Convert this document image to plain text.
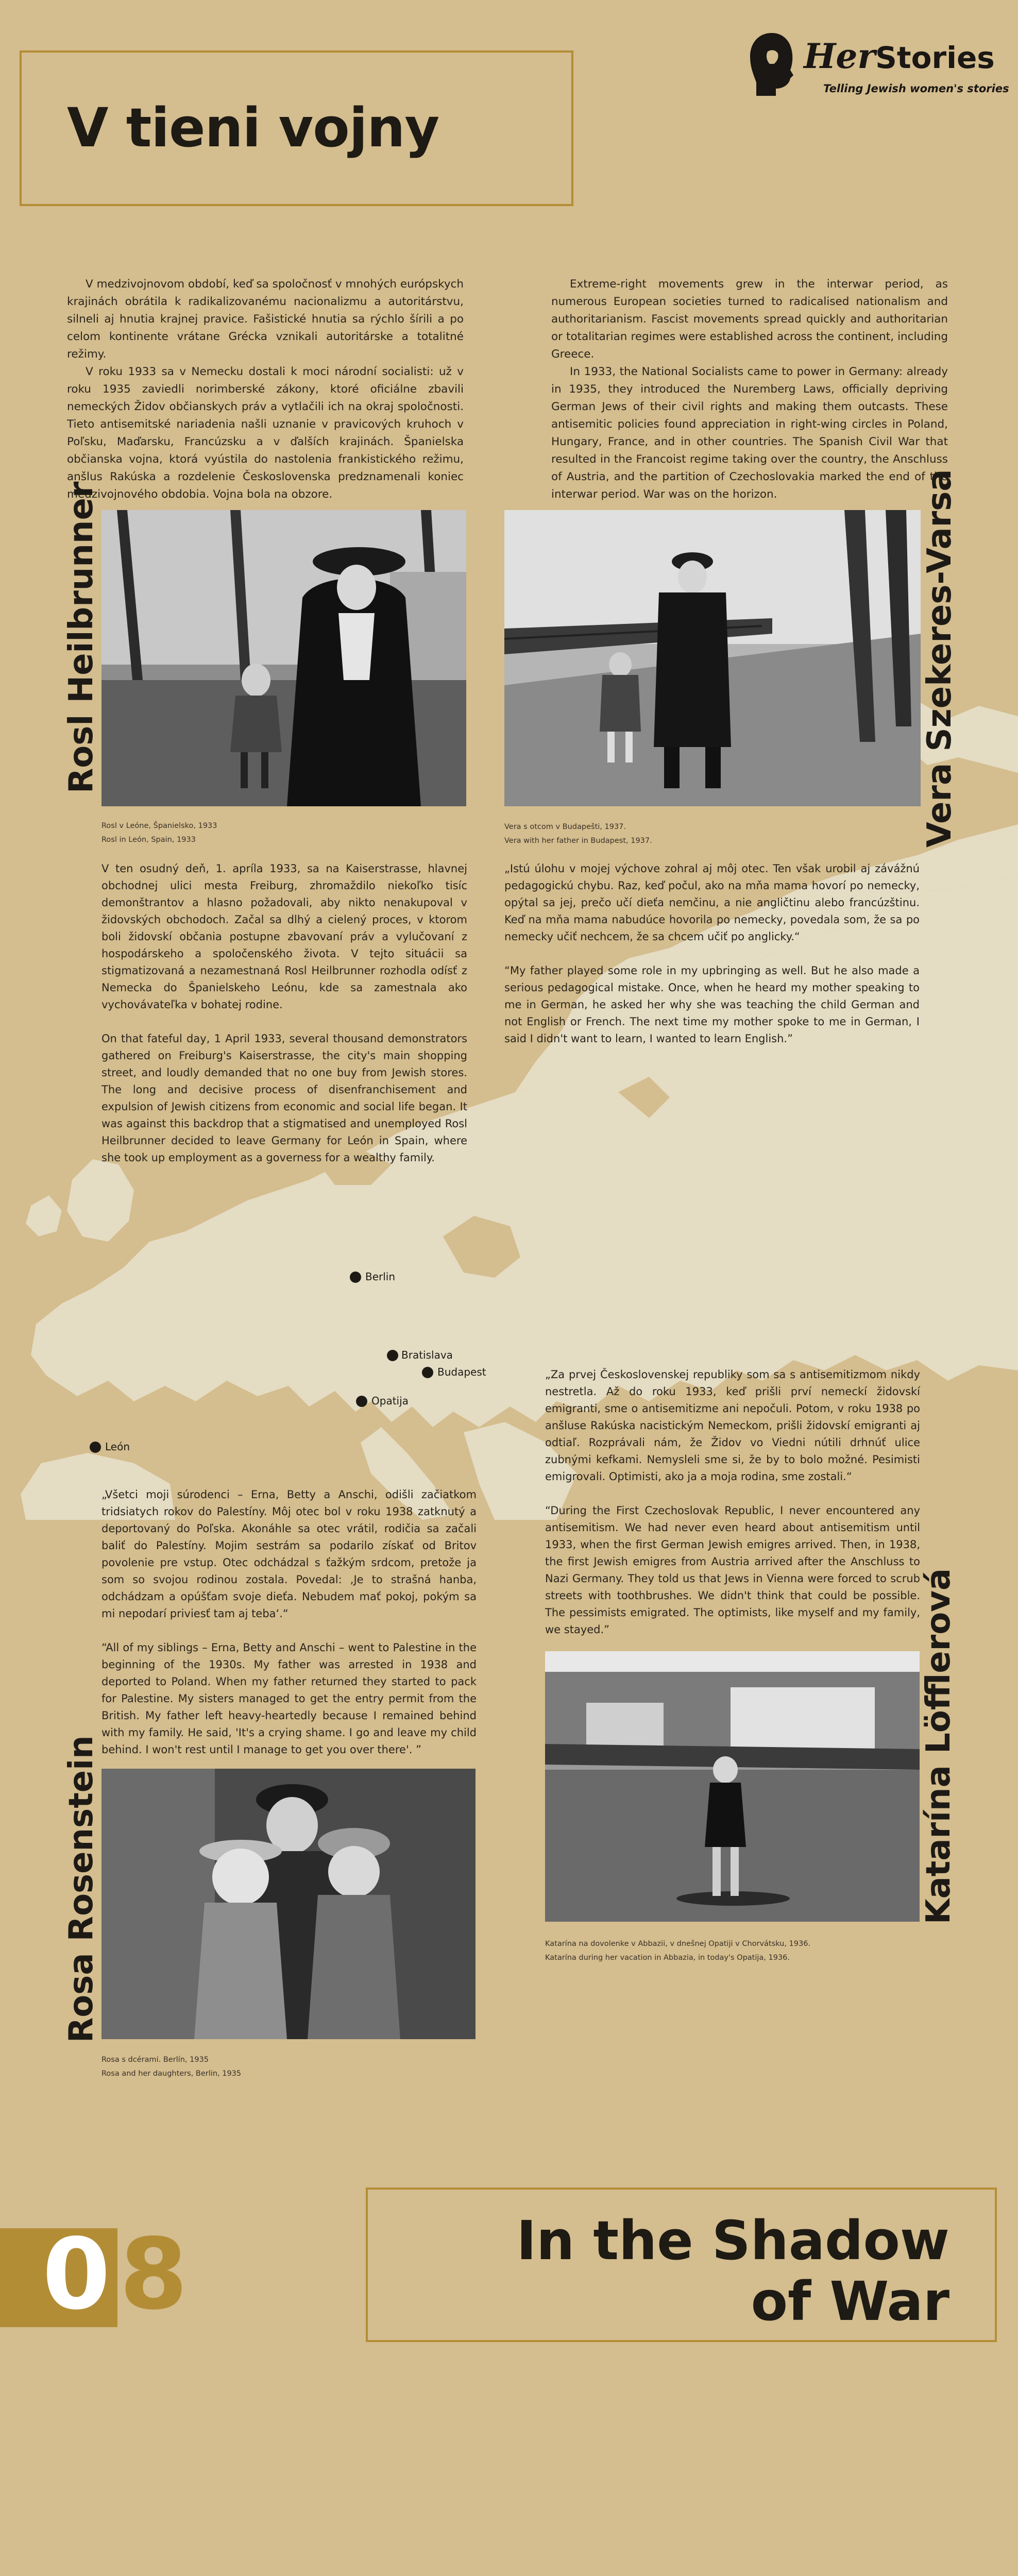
Berlin
Bratislava
Budapest
Opatija
León
V tieni vojny
HerStories
Telling Jewish women's stories

V medzivojnovom období, keď sa spoločnosť v mnohých európskych krajinách obrátila k radikalizovanému nacionalizmu a autoritárstvu, silneli aj hnutia krajnej pravice. Fašistické hnutia sa rýchlo šírili a po celom kontinente vrátane Grécka vznikali autoritárske a totalitné režimy.

V roku 1933 sa v Nemecku dostali k moci národní socialisti: už v roku 1935 zaviedli norimberské zákony, ktoré oficiálne zbavili nemeckých Židov občianskych práv a vytlačili ich na okraj spoločnosti. Tieto antisemitské nariadenia našli uznanie v pravicových kruhoch v Poľsku, Maďarsku, Francúzsku a v ďalších krajinách. Španielska občianska vojna, ktorá vyústila do nastolenia frankistického režimu, anšlus Rakúska a rozdelenie Československa predznamenali koniec medzivojnového obdobia. Vojna bola na obzore.

Extreme-right movements grew in the interwar period, as numerous European societies turned to radicalised nationalism and authoritarianism. Fascist movements spread quickly and authoritarian or totalitarian regimes were established across the continent, including Greece.

In 1933, the National Socialists came to power in Germany: already in 1935, they introduced the Nuremberg Laws, officially depriving German Jews of their civil rights and making them outcasts. These antisemitic policies found appreciation in right-wing circles in Poland, Hungary, France, and in other countries. The Spanish Civil War that resulted in the Francoist regime taking over the country, the Anschluss of Austria, and the partition of Czechoslovakia marked the end of the interwar period. War was on the horizon.

Rosl Heilbrunner
Rosl v Leóne, Španielsko, 1933
Rosl in León, Spain, 1933

V ten osudný deň, 1. apríla 1933, sa na Kaiserstrasse, hlavnej obchodnej ulici mesta Freiburg, zhromaždilo niekoľko tisíc demonštrantov a hlasno požadovali, aby nikto nenakupoval v židovských obchodoch. Začal sa dlhý a cielený proces, v ktorom boli židovskí občania postupne zbavovaní práv a vylučovaní z hospodárskeho a spoločenského života. V tejto situácii sa stigmatizovaná a nezamestnaná Rosl Heilbrunner rozhodla odísť z Nemecka do Španielskeho Leónu, kde sa zamestnala ako vychovávateľka v bohatej rodine.

On that fateful day, 1 April 1933, several thousand demonstrators gathered on Freiburg's Kaiserstrasse, the city's main shopping street, and loudly demanded that no one buy from Jewish stores. The long and decisive process of disenfranchisement and expulsion of Jewish citizens from economic and social life began. It was against this backdrop that a stigmatised and unemployed Rosl Heilbrunner decided to leave Germany for León in Spain, where she took up employment as a governess for a wealthy family.

Vera Szekeres-Varsa
Vera s otcom v Budapešti, 1937.
Vera with her father in Budapest, 1937.

„Istú úlohu v mojej výchove zohral aj môj otec. Ten však urobil aj závážnú pedagogickú chybu. Raz, keď počul, ako na mňa mama hovorí po nemecky, opýtal sa jej, prečo učí dieťa nemčinu, a nie angličtinu alebo francúzštinu. Keď na mňa mama nabudúce hovorila po nemecky, povedala som, že sa po nemecky učiť nechcem, že sa chcem učiť po anglicky.“

“My father played some role in my upbringing as well. But he also made a serious pedagogical mistake. Once, when he heard my mother speaking to me in German, he asked her why she was teaching the child German and not English or French. The next time my mother spoke to me in German, I said I didn't want to learn, I wanted to learn English.”

„Za prvej Československej republiky som sa s antisemitizmom nikdy nestretla. Až do roku 1933, keď prišli prví nemeckí židovskí emigranti, sme o antisemitizme ani nepočuli. Potom, v roku 1938 po anšluse Rakúska nacistickým Nemeckom, prišli židovskí emigranti aj odtiaľ. Rozprávali nám, že Židov vo Viedni nútili drhnúť ulice zubnými kefkami. Nemysleli sme si, že by to bolo možné. Pesimisti emigrovali. Optimisti, ako ja a moja rodina, sme zostali.“

“During the First Czechoslovak Republic, I never encountered any antisemitism. We had never even heard about antisemitism until 1933, when the first German Jewish emigres arrived. Then, in 1938, the first Jewish emigres from Austria arrived after the Anschluss to Nazi Germany. They told us that Jews in Vienna were forced to scrub streets with toothbrushes. We didn't think that could be possible. The pessimists emigrated. The optimists, like myself and my family, we stayed.”	Katarína Löfflerová
Katarína na dovolenke v Abbazii, v dnešnej Opatiji v Chorvátsku, 1936.
Katarína during her vacation in Abbazia, in today's Opatija, 1936.

„Všetci moji súrodenci – Erna, Betty a Anschi, odišli začiatkom tridsiatych rokov do Palestíny. Môj otec bol v roku 1938 zatknutý a deportovaný do Poľska. Akonáhle sa otec vrátil, rodičia sa začali baliť do Palestíny. Mojim sestrám sa podarilo získať od Britov povolenie pre vstup. Otec odchádzal s ťažkým srdcom, pretože ja som so svojou rodinou zostala. Povedal: ,Je to strašná hanba, odchádzam a opúšťam svoje dieťa. Nebudem mať pokoj, pokým sa mi nepodarí priviesť tam aj teba‘.“

“All of my siblings – Erna, Betty and Anschi – went to Palestine in the beginning of the 1930s. My father was arrested in 1938 and deported to Poland. When my father returned they started to pack for Palestine. My sisters managed to get the entry permit from the British. My father left heavy-heartedly because I remained behind with my family. He said, 'It's a crying shame. I go and leave my child behind. I won't rest until I manage to get you over there'. ”

Rosa Rosenstein
Rosa s dcérami. Berlín, 1935
Rosa and her daughters, Berlin, 1935
0 8	In the Shadow
of War
